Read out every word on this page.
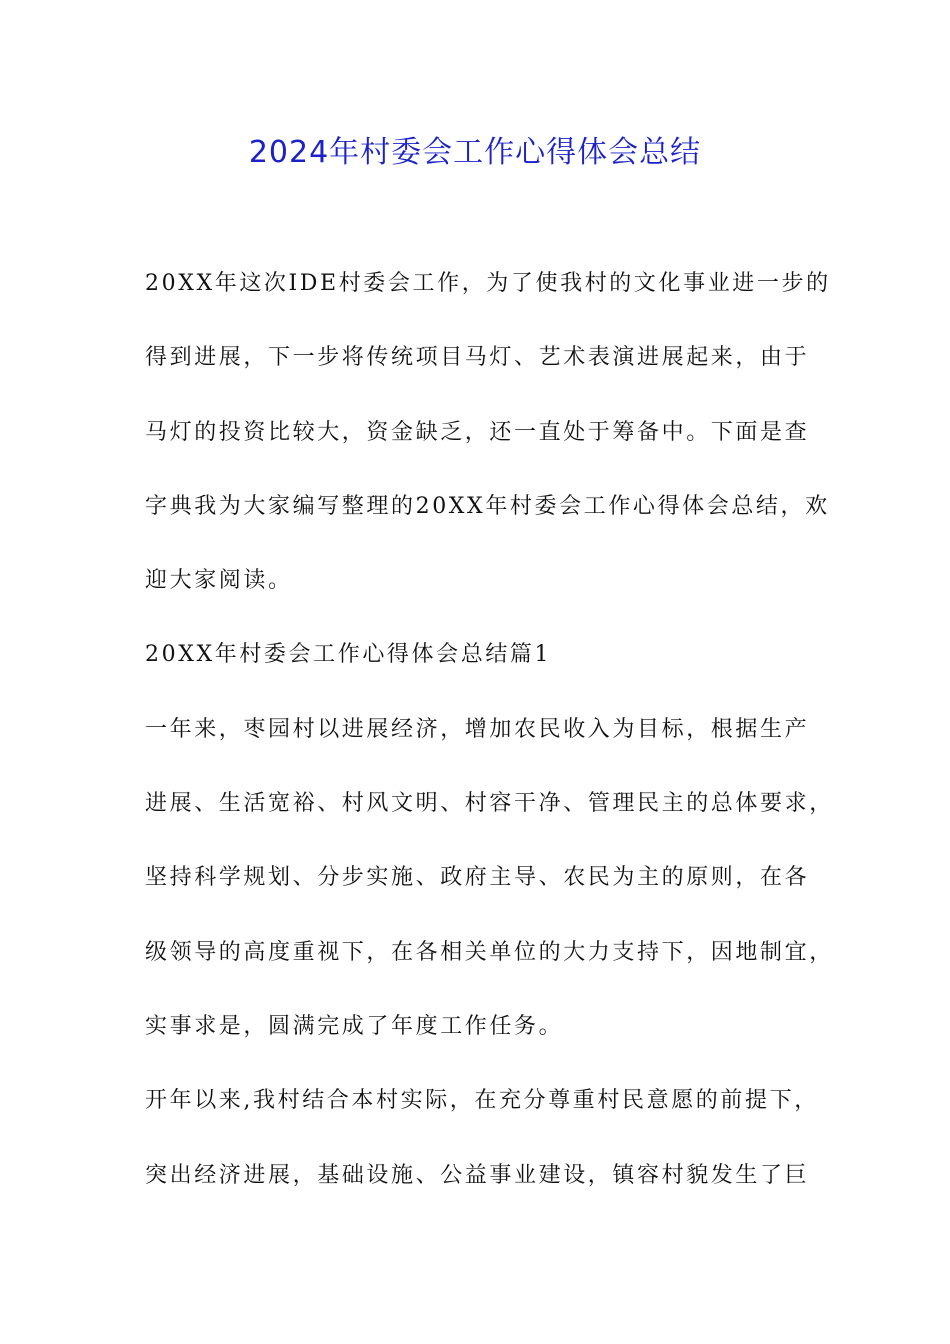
2024年村委会工作心得体会总结
20XX年这次IDE村委会工作，为了使我村的文化事业进一步的
得到进展，下一步将传统项目马灯、艺术表演进展起来，由于
马灯的投资比较大，资金缺乏，还一直处于筹备中。下面是查
字典我为大家编写整理的20XX年村委会工作心得体会总结，欢
迎大家阅读。
20XX年村委会工作心得体会总结篇1
一年来，枣园村以进展经济，增加农民收入为目标，根据生产
进展、生活宽裕、村风文明、村容干净、管理民主的总体要求，
坚持科学规划、分步实施、政府主导、农民为主的原则，在各
级领导的高度重视下，在各相关单位的大力支持下，因地制宜，
实事求是，圆满完成了年度工作任务。
开年以来,我村结合本村实际，在充分尊重村民意愿的前提下，
突出经济进展，基础设施、公益事业建设，镇容村貌发生了巨
